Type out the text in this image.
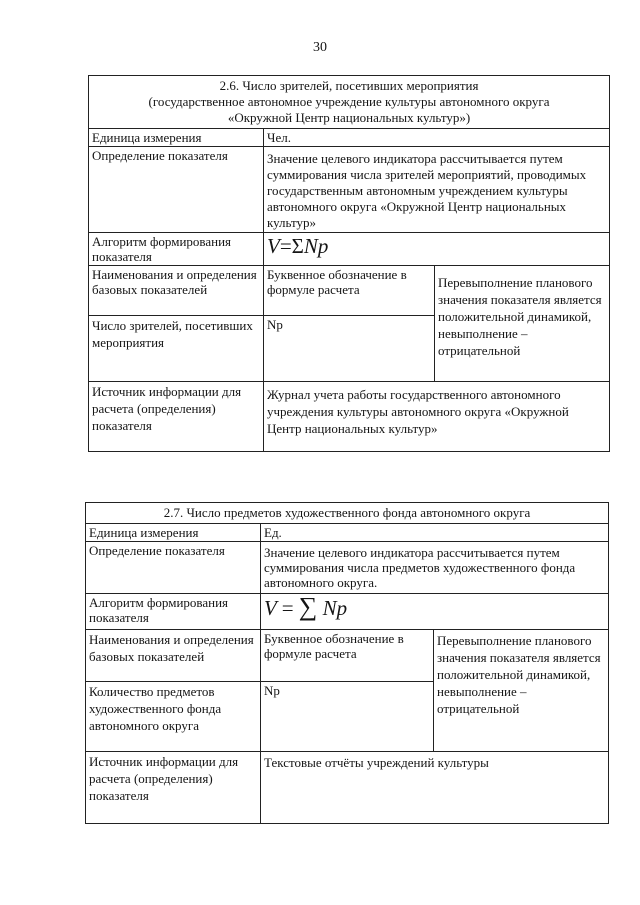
30
2.6. Число зрителей, посетивших мероприятия
(государственное автономное учреждение культуры автономного округа
«Окружной Центр национальных культур»)		

Единица измерения	Чел.	
Определение показателя	Значение целевого индикатора рассчитывается путем суммирования числа зрителей мероприятий, проводимых государственным автономным учреждением культуры автономного округа «Окружной Центр национальных культур»	
Алгоритм формирования показателя	V=ΣNp	
Наименования и определения базовых показателей	Буквенное обозначение в формуле расчета	Перевыполнение планового значения показателя является положительной динамикой, невыполнение – отрицательной
Число зрителей, посетивших мероприятия	Np	
Источник информации для расчета (определения) показателя	Журнал учета работы государственного автономного учреждения культуры автономного округа «Окружной Центр национальных культур»	
2.7. Число предметов художественного фонда автономного округа		

Единица измерения	Ед.	
Определение показателя	Значение целевого индикатора рассчитывается путем суммирования числа предметов художественного фонда автономного округа.	
Алгоритм формирования показателя	V = ∑ Np	
Наименования и определения базовых показателей	Буквенное обозначение в формуле расчета	Перевыполнение планового значения показателя является положительной динамикой, невыполнение – отрицательной
Количество предметов художественного фонда автономного округа	Np	
Источник информации для расчета (определения) показателя	Текстовые отчёты учреждений культуры	
